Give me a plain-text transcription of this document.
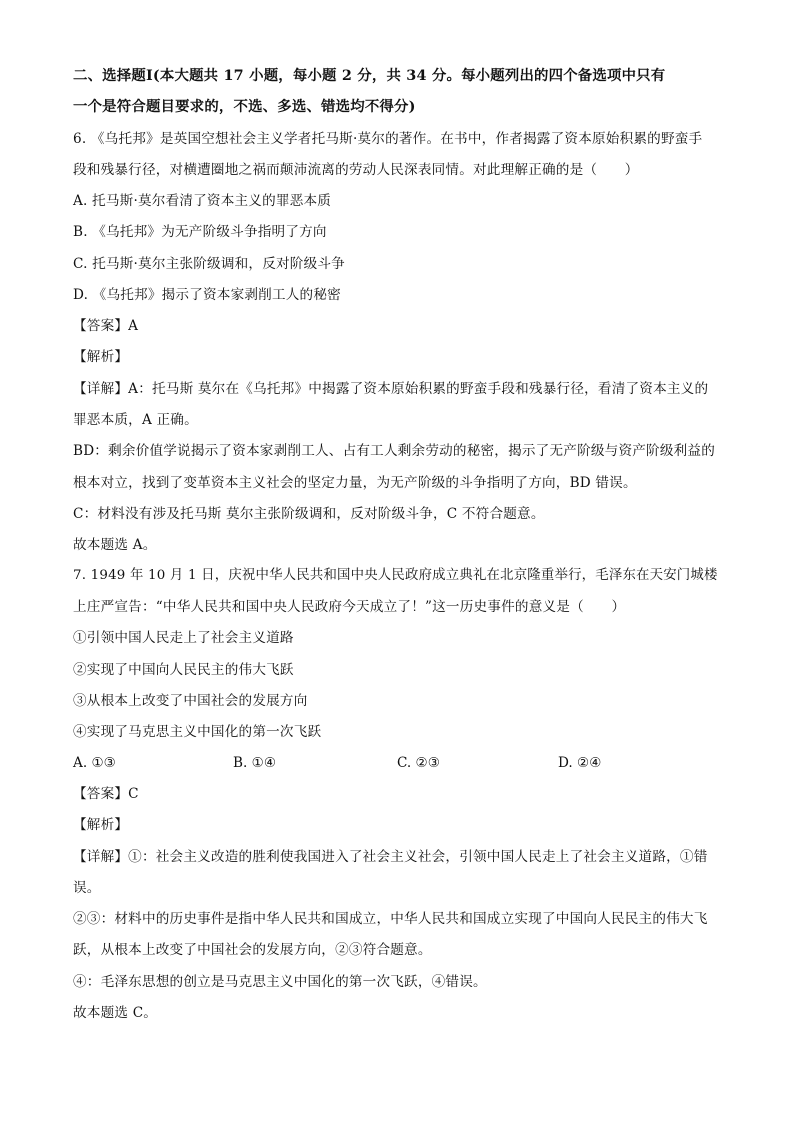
二、选择题Ⅰ(本大题共 17 小题，每小题 2 分，共 34 分。每小题列出的四个备选项中只有
一个是符合题目要求的，不选、多选、错选均不得分)
6. 《乌托邦》是英国空想社会主义学者托马斯·莫尔的著作。在书中，作者揭露了资本原始积累的野蛮手
段和残暴行径，对横遭圈地之祸而颠沛流离的劳动人民深表同情。对此理解正确的是（　　）
A. 托马斯·莫尔看清了资本主义的罪恶本质
B. 《乌托邦》为无产阶级斗争指明了方向
C. 托马斯·莫尔主张阶级调和，反对阶级斗争
D. 《乌托邦》揭示了资本家剥削工人的秘密
【答案】A
【解析】
【详解】A：托马斯 莫尔在《乌托邦》中揭露了资本原始积累的野蛮手段和残暴行径，看清了资本主义的
罪恶本质，A 正确。
BD：剩余价值学说揭示了资本家剥削工人、占有工人剩余劳动的秘密，揭示了无产阶级与资产阶级利益的
根本对立，找到了变革资本主义社会的坚定力量，为无产阶级的斗争指明了方向，BD 错误。
C：材料没有涉及托马斯 莫尔主张阶级调和，反对阶级斗争，C 不符合题意。
故本题选 A。
7. 1949 年 10 月 1 日，庆祝中华人民共和国中央人民政府成立典礼在北京隆重举行，毛泽东在天安门城楼
上庄严宣告：“中华人民共和国中央人民政府今天成立了！”这一历史事件的意义是（　　）
①引领中国人民走上了社会主义道路
②实现了中国向人民民主的伟大飞跃
③从根本上改变了中国社会的发展方向
④实现了马克思主义中国化的第一次飞跃
A. ①③	B. ①④	C. ②③	D. ②④
【答案】C
【解析】
【详解】①：社会主义改造的胜利使我国进入了社会主义社会，引领中国人民走上了社会主义道路，①错
误。
②③：材料中的历史事件是指中华人民共和国成立，中华人民共和国成立实现了中国向人民民主的伟大飞
跃，从根本上改变了中国社会的发展方向，②③符合题意。
④：毛泽东思想的创立是马克思主义中国化的第一次飞跃，④错误。
故本题选 C。
